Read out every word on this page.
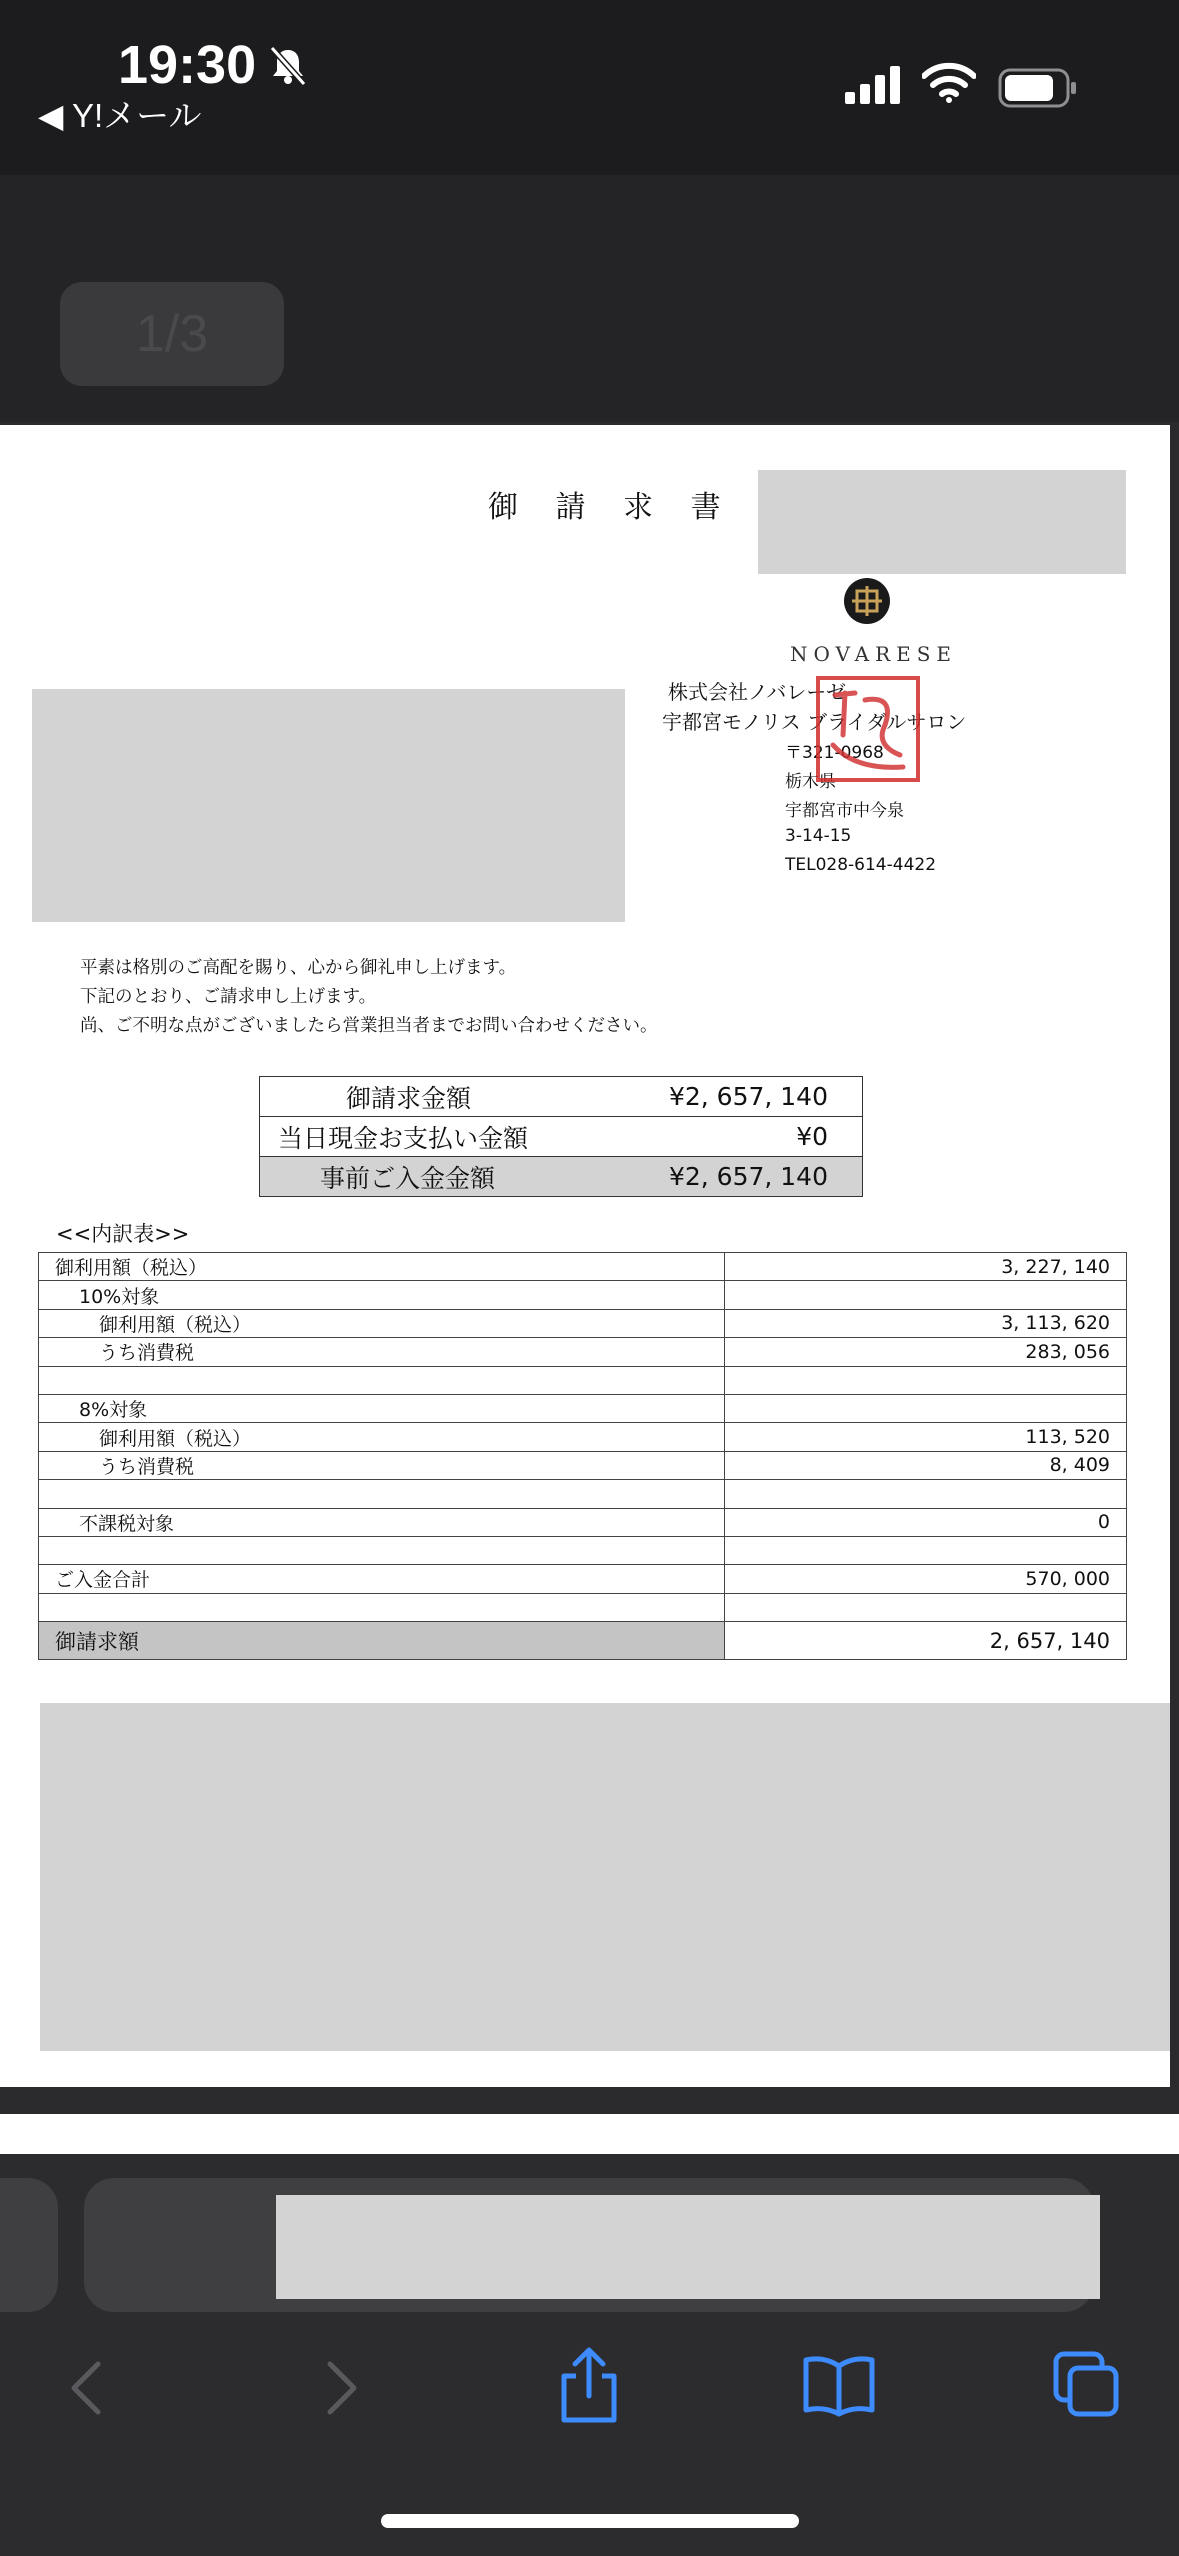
19:30
◀ Y!メール
1/3
御 請 求 書
NOVARESE
株式会社ノバレーゼ
宇都宮モノリス ブライダルサロン
〒321-0968
栃木県
宇都宮市中今泉
3-14-15
TEL028-614-4422
平素は格別のご高配を賜り、心から御礼申し上げます。
下記のとおり、ご請求申し上げます。
尚、ご不明な点がございましたら営業担当者までお問い合わせください。
御請求金額	¥2, 657, 140
当日現金お支払い金額	¥0
事前ご入金金額	¥2, 657, 140
<<内訳表>>
御利用額（税込）	3, 227, 140
10%対象	
御利用額（税込）	3, 113, 620
うち消費税	283, 056

8%対象	
御利用額（税込）	113, 520
うち消費税	8, 409

不課税対象	0

ご入金合計	570, 000

御請求額	2, 657, 140
